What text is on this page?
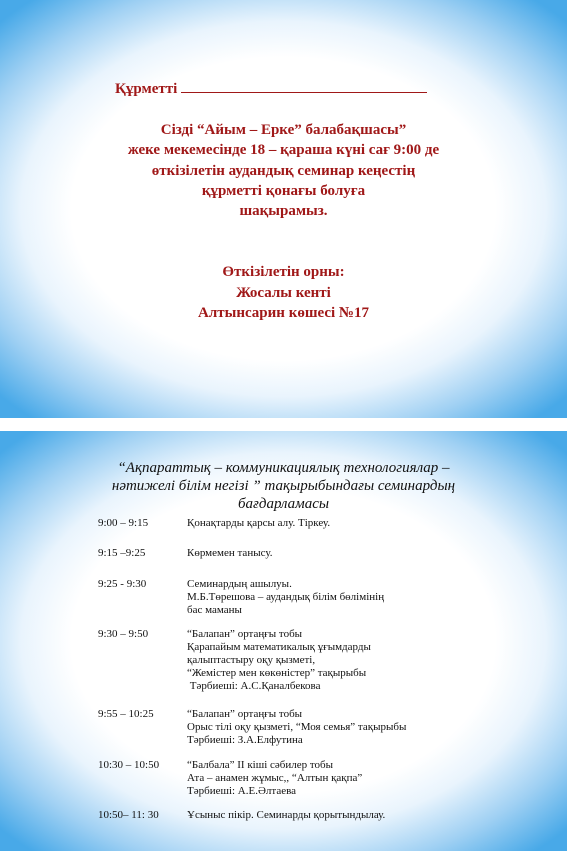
Құрметті
Сізді “Айым – Ерке” балабақшасы”
жеке мекемесінде 18 – қараша күні сағ 9:00 де
өткізілетін аудандық семинар кеңестің
құрметті қонағы болуға
шақырамыз.
Өткізілетін орны:
Жосалы кенті
Алтынсарин көшесі №17
“Ақпараттық – коммуникациялық технологиялар –
нәтижелі білім негізі ” тақырыбындағы семинардың
бағдарламасы
9:00 – 9:15	Қонақтарды қарсы алу. Тіркеу.
9:15 –9:25	Көрмемен танысу.
9:25 - 9:30	Семинардың ашылуы.
М.Б.Төрешова – аудандық білім бөлімінің
бас маманы
9:30 – 9:50	“Балапан” ортаңғы тобы
Қарапайым математикалық ұғымдарды
қалыптастыру оқу қызметі,
“Жемістер мен көкөністер” тақырыбы
Тәрбиеші: А.С.Қаналбекова
9:55 – 10:25	“Балапан” ортаңғы тобы
Орыс тілі оқу қызметі, “Моя семья” тақырыбы
Тәрбиеші: З.А.Елфутина
10:30 – 10:50	“Балбала” ІІ кіші сәбилер тобы
Ата – анамен жұмыс,, “Алтын қақпа”
Тәрбиеші: А.Е.Әлтаева
10:50– 11: 30	Ұсыныс пікір. Семинарды қорытындылау.
